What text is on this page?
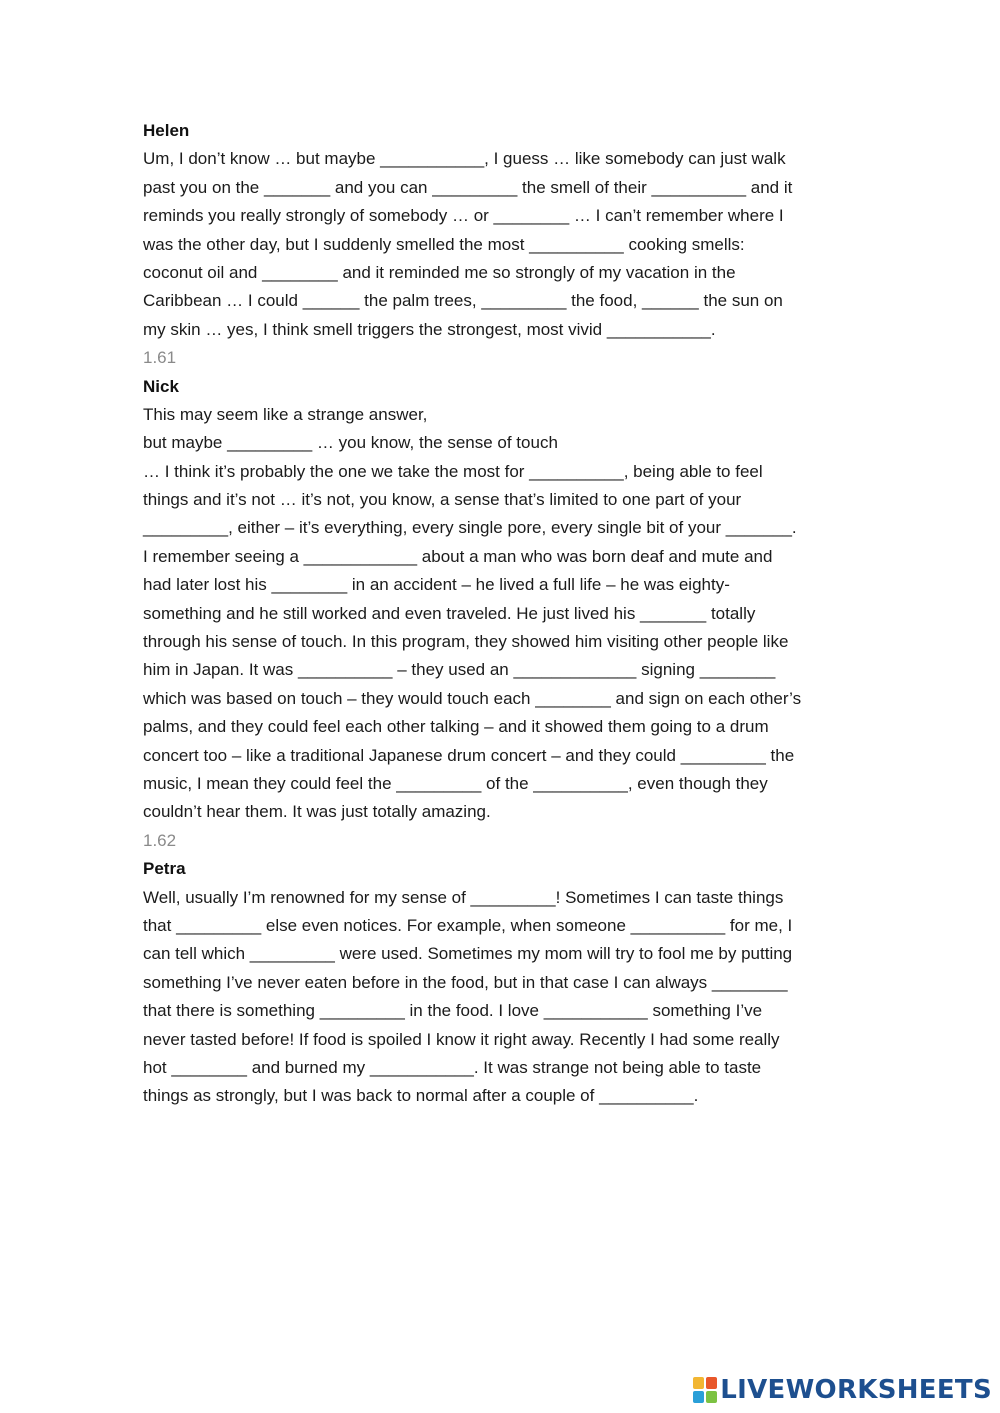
Helen
Um, I don’t know … but maybe ___________, I guess … like somebody can just walk
past you on the _______ and you can _________ the smell of their __________ and it
reminds you really strongly of somebody … or ________ … I can’t remember where I
was the other day, but I suddenly smelled the most __________ cooking smells:
coconut oil and ________ and it reminded me so strongly of my vacation in the
Caribbean … I could ______ the palm trees, _________ the food, ______ the sun on
my skin … yes, I think smell triggers the strongest, most vivid ___________.
1.61
Nick
This may seem like a strange answer,
but maybe _________ … you know, the sense of touch
… I think it’s probably the one we take the most for __________, being able to feel
things and it’s not … it’s not, you know, a sense that’s limited to one part of your
_________, either – it’s everything, every single pore, every single bit of your _______.
I remember seeing a ____________ about a man who was born deaf and mute and
had later lost his ________ in an accident – he lived a full life – he was eighty-
something and he still worked and even traveled. He just lived his _______ totally
through his sense of touch. In this program, they showed him visiting other people like
him in Japan. It was __________ – they used an _____________ signing ________
which was based on touch – they would touch each ________ and sign on each other’s
palms, and they could feel each other talking – and it showed them going to a drum
concert too – like a traditional Japanese drum concert – and they could _________ the
music, I mean they could feel the _________ of the __________, even though they
couldn’t hear them. It was just totally amazing.
1.62
Petra
Well, usually I’m renowned for my sense of _________! Sometimes I can taste things
that _________ else even notices. For example, when someone __________ for me, I
can tell which _________ were used. Sometimes my mom will try to fool me by putting
something I’ve never eaten before in the food, but in that case I can always ________
that there is something _________ in the food. I love ___________ something I’ve
never tasted before! If food is spoiled I know it right away. Recently I had some really
hot ________ and burned my ___________. It was strange not being able to taste
things as strongly, but I was back to normal after a couple of __________.
LIVEWORKSHEETS
